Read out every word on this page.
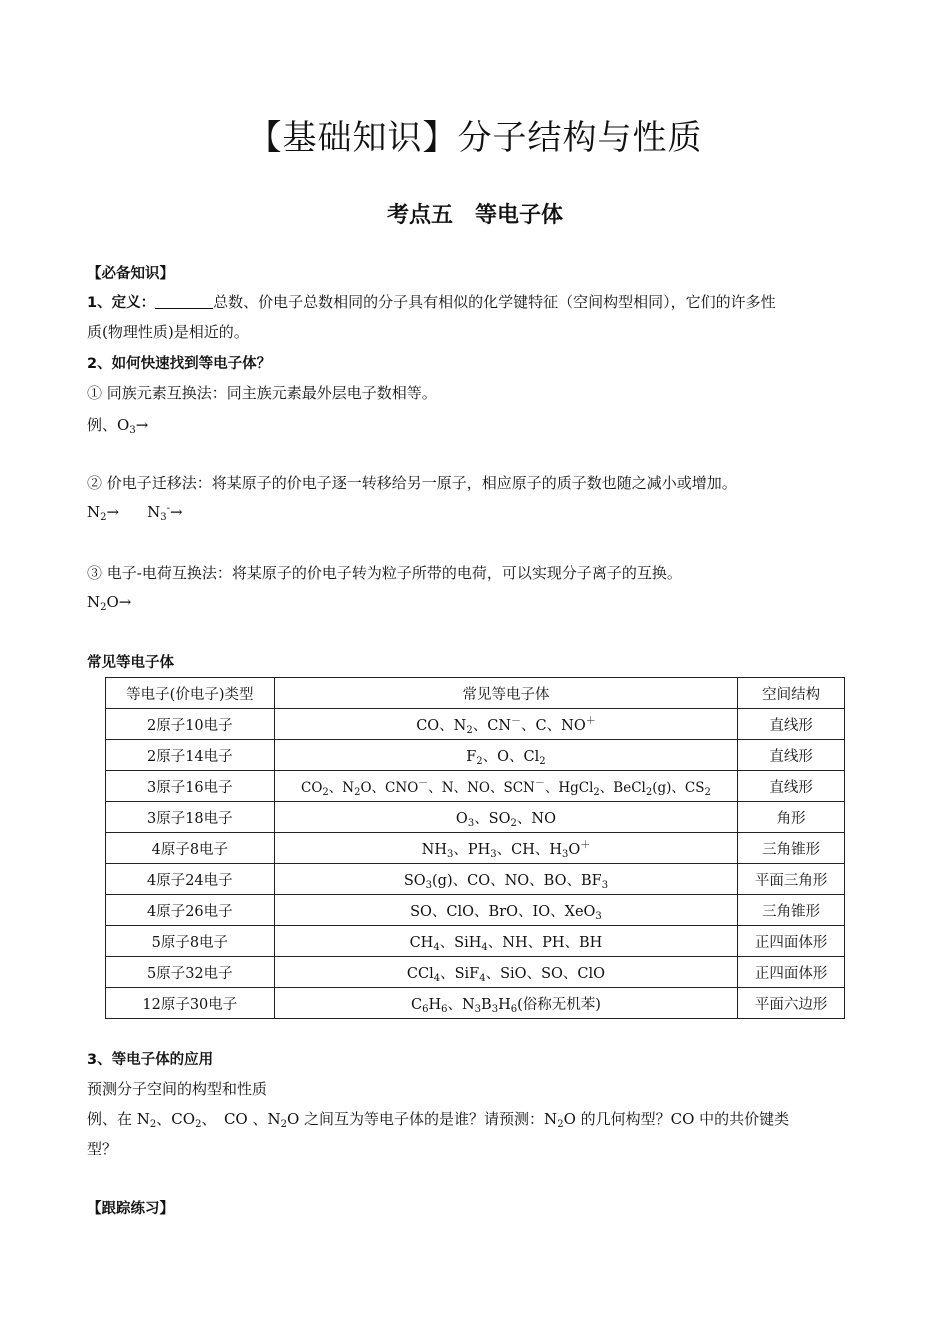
【基础知识】分子结构与性质
考点五　等电子体
【必备知识】
1、定义：	总数、价电子总数相同的分子具有相似的化学键特征（空间构型相同），它们的许多性
质(物理性质)是相近的。
2、如何快速找到等电子体？
① 同族元素互换法：同主族元素最外层电子数相等。
例、$O_3\to$
② 价电子迁移法：将某原子的价电子逐一转移给另一原子，相应原子的质子数也随之减小或增加。
$N_2\to N_3^-\to$
③ 电子-电荷互换法：将某原子的价电子转为粒子所带的电荷，可以实现分子离子的互换。
$N_2O\to$
常见等电子体
等电子(价电子)类型	常见等电子体	空间结构
2原子10电子	CO、$N_2$、CN－、C、NO＋	直线形
2原子14电子	$F_2$、O、$Cl_2$	直线形
3原子16电子	$CO_2$、$N_2O$、CNO－、N、NO、SCN－、HgCl$_2$、BeCl$_2$(g)、$CS_2$	直线形
3原子18电子	$O_3$、$SO_2$、NO	角形
4原子8电子	$NH_3$、$PH_3$、CH、$H_3O^+$	三角锥形
4原子24电子	$SO_3(g)$、CO、NO、BO、$BF_3$	平面三角形
4原子26电子	SO、ClO、BrO、IO、XeO$_3$	三角锥形
5原子8电子	$CH_4$、SiH$_4$、NH、PH、BH	正四面体形
5原子32电子	CCl$_4$、SiF$_4$、SiO、SO、ClO	正四面体形
12原子30电子	$C_6H_6$、$N_3B_3H_6$(俗称无机苯)	平面六边形
3、等电子体的应用
预测分子空间的构型和性质
例、在 $N_2$、$CO_2$、　CO 、$N_2O$ 之间互为等电子体的是谁？请预测：$N_2O$ 的几何构型？CO 中的共价键类
型？
【跟踪练习】
